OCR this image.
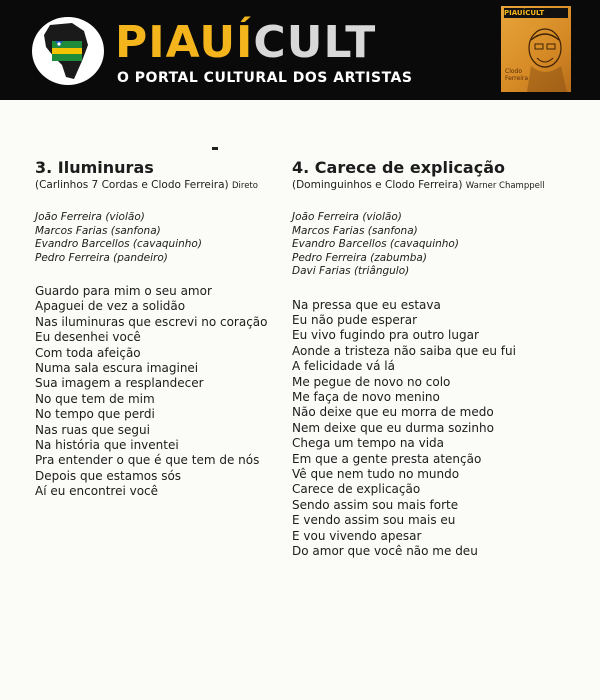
PIAUÍCULT
O PORTAL CULTURAL DOS ARTISTAS
PIAUÍCULT
Clodo Ferreira

3. Iluminuras

(Carlinhos 7 Cordas e Clodo Ferreira) Direto

João Ferreira (violão)
Marcos Farias (sanfona)
Evandro Barcellos (cavaquinho)
Pedro Ferreira (pandeiro)
Guardo para mim o seu amor
Apaguei de vez a solidão
Nas iluminuras que escrevi no coração
Eu desenhei você
Com toda afeição
Numa sala escura imaginei
Sua imagem a resplandecer
No que tem de mim
No tempo que perdi
Nas ruas que segui
Na história que inventei
Pra entender o que é que tem de nós
Depois que estamos sós
Aí eu encontrei você

4. Carece de explicação

(Dominguinhos e Clodo Ferreira) Warner Champpell

João Ferreira (violão)
Marcos Farias (sanfona)
Evandro Barcellos (cavaquinho)
Pedro Ferreira (zabumba)
Davi Farias (triângulo)
Na pressa que eu estava
Eu não pude esperar
Eu vivo fugindo pra outro lugar
Aonde a tristeza não saiba que eu fui
A felicidade vá lá
Me pegue de novo no colo
Me faça de novo menino
Não deixe que eu morra de medo
Nem deixe que eu durma sozinho
Chega um tempo na vida
Em que a gente presta atenção
Vê que nem tudo no mundo
Carece de explicação
Sendo assim sou mais forte
E vendo assim sou mais eu
E vou vivendo apesar
Do amor que você não me deu
